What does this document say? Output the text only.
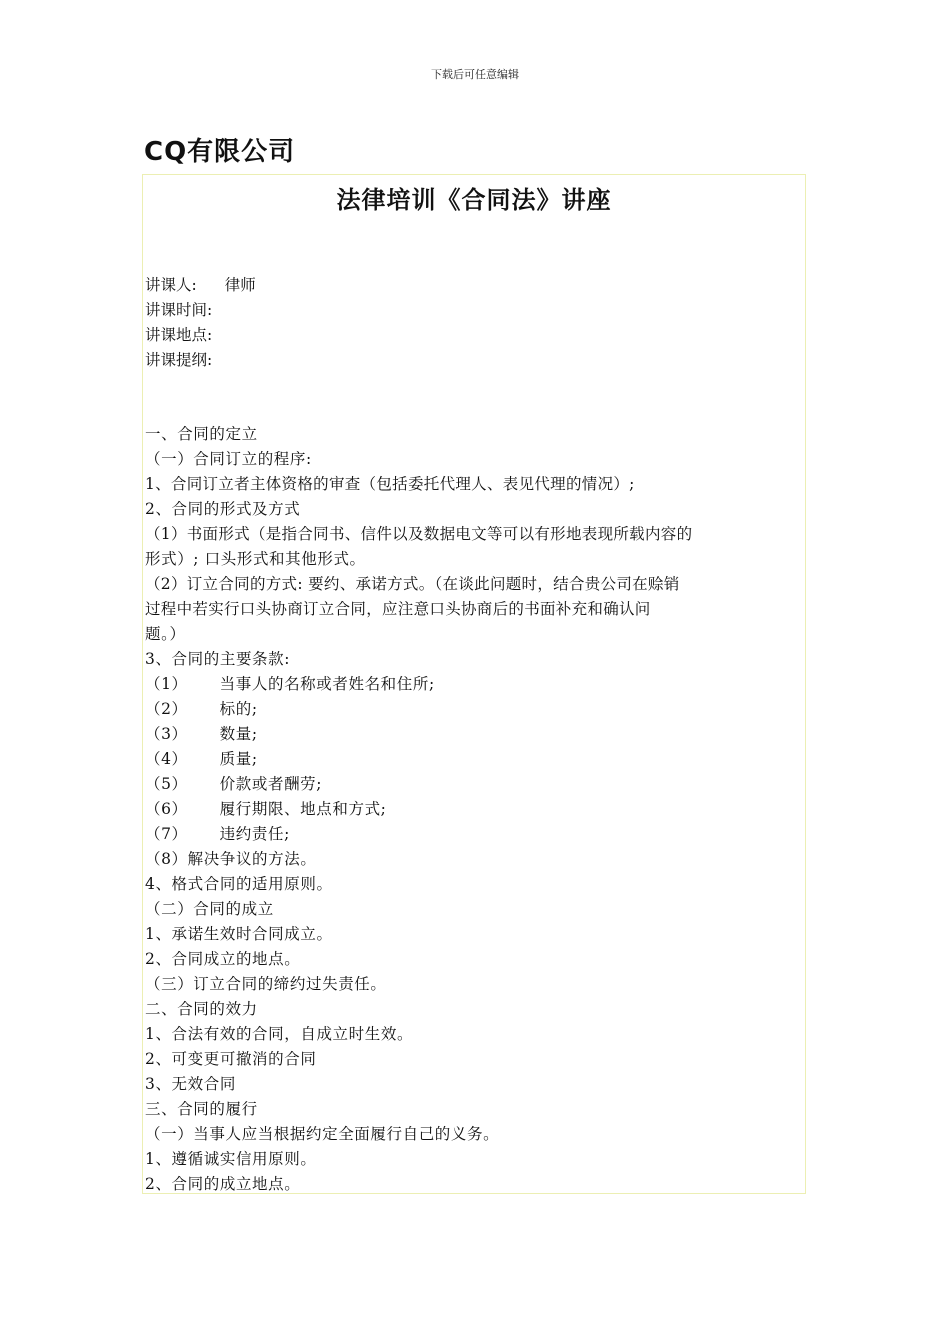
下载后可任意编辑
CQ有限公司
法律培训《合同法》讲座
讲课人: 律师
讲课时间:
讲课地点:
讲课提纲:
一、合同的定立
（一）合同订立的程序:
1、合同订立者主体资格的审查（包括委托代理人、表见代理的情况）;
2、合同的形式及方式
（1）书面形式（是指合同书、信件以及数据电文等可以有形地表现所载内容的
形式）; 口头形式和其他形式。
（2）订立合同的方式: 要约、承诺方式。（在谈此问题时，结合贵公司在赊销
过程中若实行口头协商订立合同，应注意口头协商后的书面补充和确认问
题。）
3、合同的主要条款:
（1） 当事人的名称或者姓名和住所;
（2） 标的;
（3） 数量;
（4） 质量;
（5） 价款或者酬劳;
（6） 履行期限、地点和方式;
（7） 违约责任;
（8）解决争议的方法。
4、格式合同的适用原则。
（二）合同的成立
1、承诺生效时合同成立。
2、合同成立的地点。
（三）订立合同的缔约过失责任。
二、合同的效力
1、合法有效的合同，自成立时生效。
2、可变更可撤消的合同
3、无效合同
三、合同的履行
（一）当事人应当根据约定全面履行自己的义务。
1、遵循诚实信用原则。
2、合同的成立地点。
